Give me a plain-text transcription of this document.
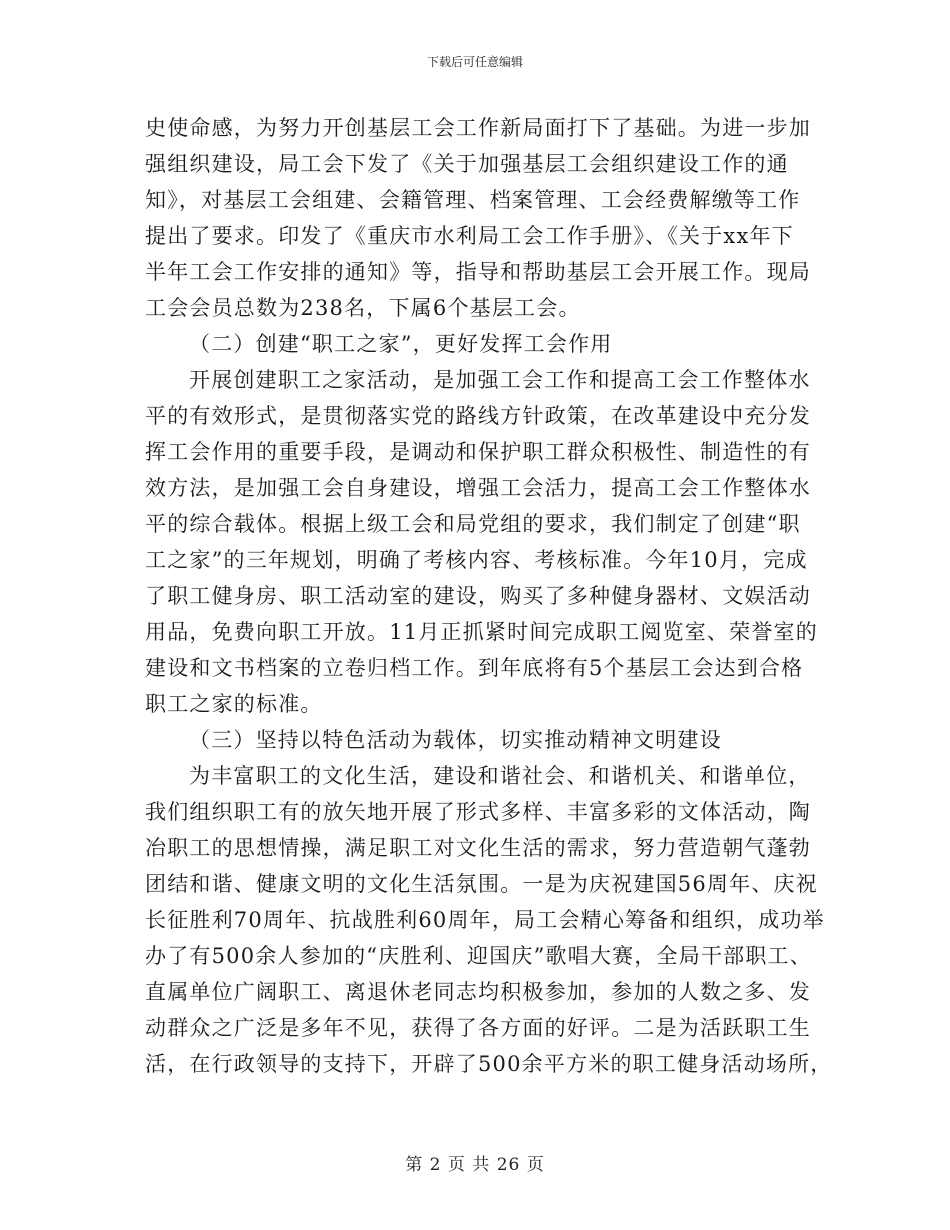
下载后可任意编辑
史使命感，为努力开创基层工会工作新局面打下了基础。为进一步加
强组织建设，局工会下发了《关于加强基层工会组织建设工作的通
知》，对基层工会组建、会籍管理、档案管理、工会经费解缴等工作
提出了要求。印发了《重庆市水利局工会工作手册》、《关于xx年下
半年工会工作安排的通知》等，指导和帮助基层工会开展工作。现局
工会会员总数为238名，下属6个基层工会。
（二）创建“职工之家”，更好发挥工会作用
开展创建职工之家活动，是加强工会工作和提高工会工作整体水
平的有效形式，是贯彻落实党的路线方针政策，在改革建设中充分发
挥工会作用的重要手段，是调动和保护职工群众积极性、制造性的有
效方法，是加强工会自身建设，增强工会活力，提高工会工作整体水
平的综合载体。根据上级工会和局党组的要求，我们制定了创建“职
工之家”的三年规划，明确了考核内容、考核标准。今年10月，完成
了职工健身房、职工活动室的建设，购买了多种健身器材、文娱活动
用品，免费向职工开放。11月正抓紧时间完成职工阅览室、荣誉室的
建设和文书档案的立卷归档工作。到年底将有5个基层工会达到合格
职工之家的标准。
（三）坚持以特色活动为载体，切实推动精神文明建设
为丰富职工的文化生活，建设和谐社会、和谐机关、和谐单位，
我们组织职工有的放矢地开展了形式多样、丰富多彩的文体活动，陶
冶职工的思想情操，满足职工对文化生活的需求，努力营造朝气蓬勃
团结和谐、健康文明的文化生活氛围。一是为庆祝建国56周年、庆祝
长征胜利70周年、抗战胜利60周年，局工会精心筹备和组织，成功举
办了有500余人参加的“庆胜利、迎国庆”歌唱大赛，全局干部职工、
直属单位广阔职工、离退休老同志均积极参加，参加的人数之多、发
动群众之广泛是多年不见，获得了各方面的好评。二是为活跃职工生
活，在行政领导的支持下，开辟了500余平方米的职工健身活动场所，
第 2 页 共 26 页
